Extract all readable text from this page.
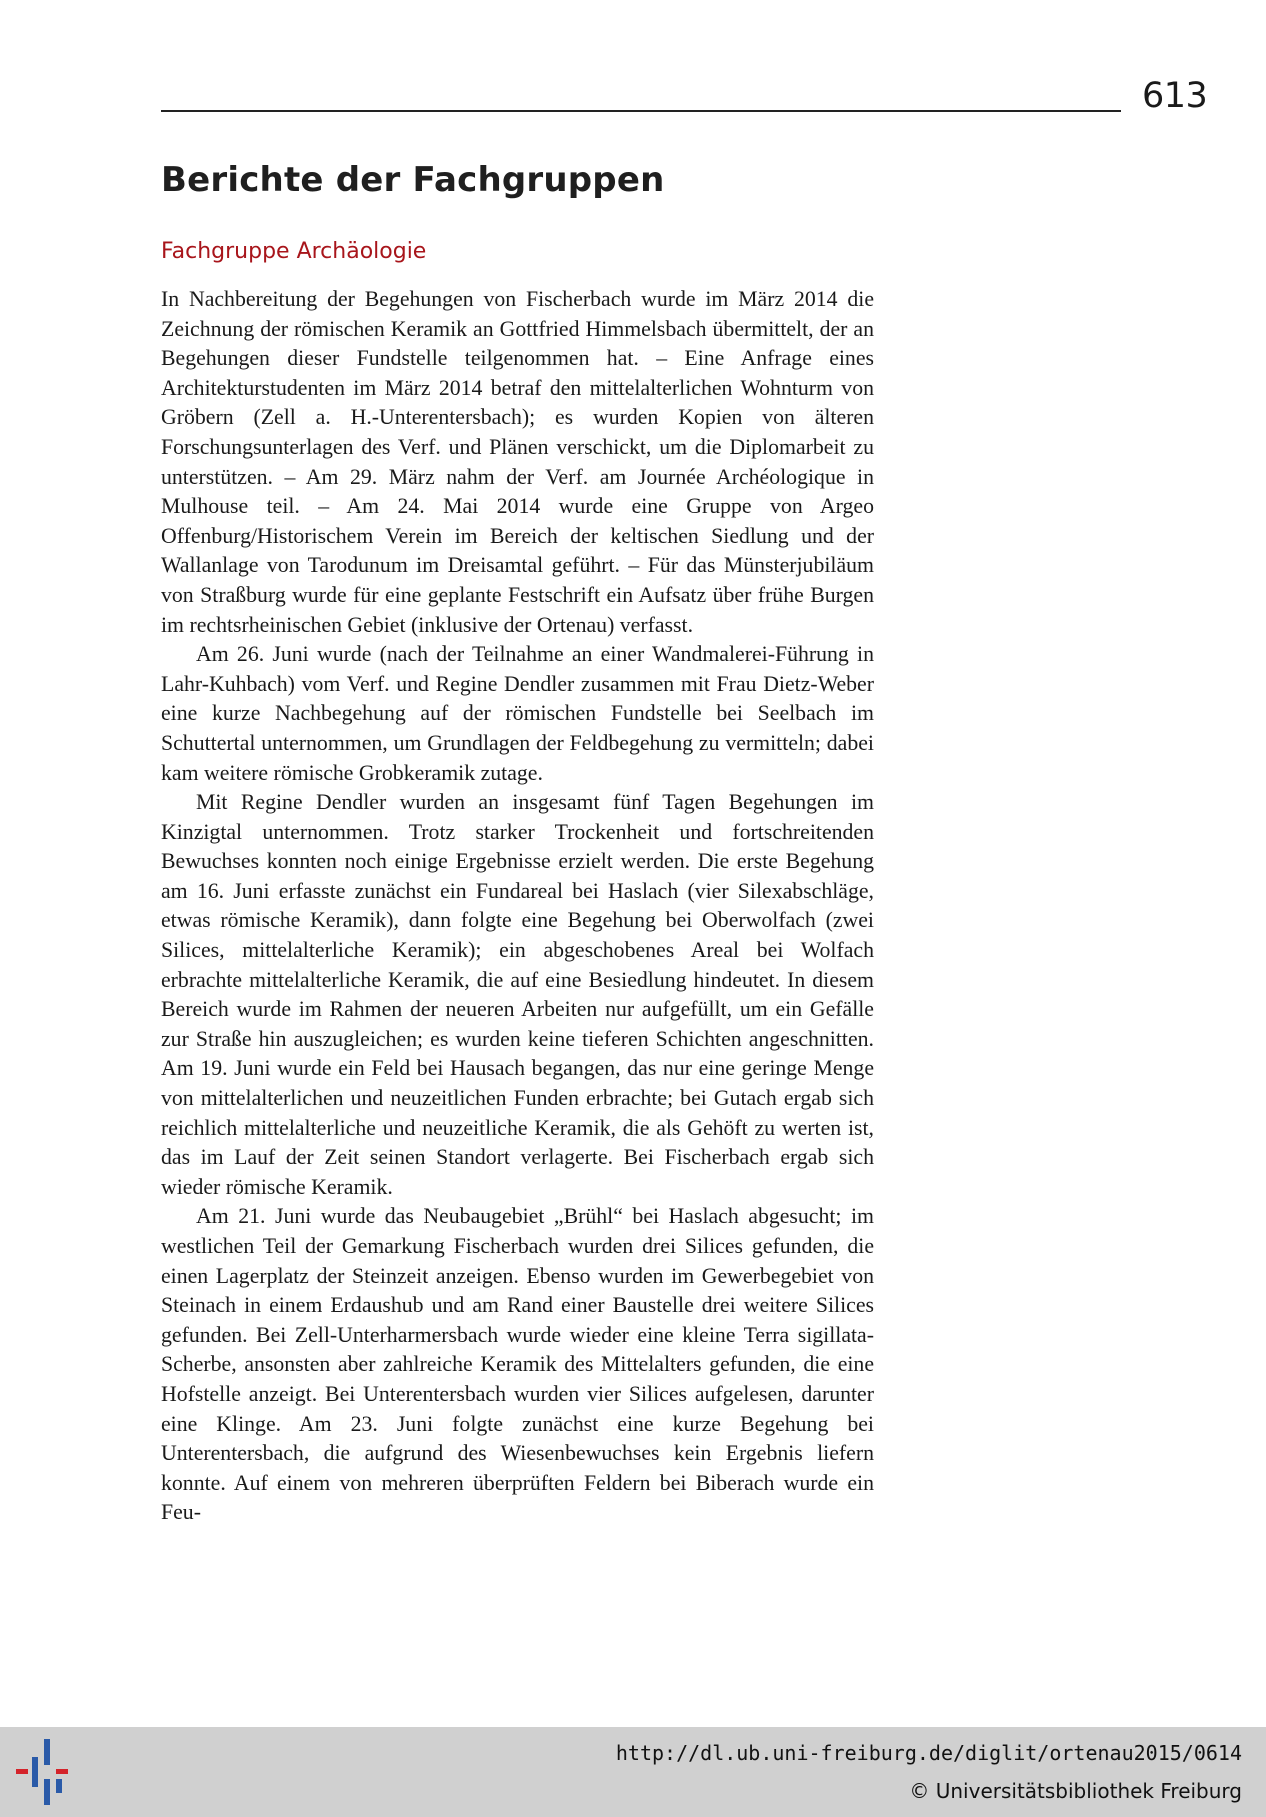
613
Berichte der Fachgruppen
Fachgruppe Archäologie

In Nachbereitung der Begehungen von Fischerbach wurde im März 2014 die Zeichnung der römischen Keramik an Gottfried Himmelsbach übermittelt, der an Begehungen dieser Fundstelle teilgenommen hat. – Eine Anfrage eines Architekturstudenten im März 2014 betraf den mittelalterlichen Wohnturm von Gröbern (Zell a. H.-Unterentersbach); es wurden Kopien von älteren Forschungsunterlagen des Verf. und Plänen verschickt, um die Diplomarbeit zu unterstützen. – Am 29. März nahm der Verf. am Journée Archéologique in Mulhouse teil. – Am 24. Mai 2014 wurde eine Gruppe von Argeo Offenburg/Historischem Verein im Bereich der keltischen Siedlung und der Wallanlage von Tarodunum im Dreisamtal geführt. – Für das Münsterjubiläum von Straßburg wurde für eine geplante Festschrift ein Aufsatz über frühe Burgen im rechtsrheinischen Gebiet (inklusive der Ortenau) verfasst.

Am 26. Juni wurde (nach der Teilnahme an einer Wandmalerei-Führung in Lahr-Kuhbach) vom Verf. und Regine Dendler zusammen mit Frau Dietz-Weber eine kurze Nachbegehung auf der römischen Fundstelle bei Seelbach im Schuttertal unternommen, um Grundlagen der Feldbegehung zu vermitteln; dabei kam weitere römische Grobkeramik zutage.

Mit Regine Dendler wurden an insgesamt fünf Tagen Begehungen im Kinzigtal unternommen. Trotz starker Trockenheit und fortschreitenden Bewuchses konnten noch einige Ergebnisse erzielt werden. Die erste Begehung am 16. Juni erfasste zunächst ein Fundareal bei Haslach (vier Silexabschläge, etwas römische Keramik), dann folgte eine Begehung bei Oberwolfach (zwei Silices, mittelalterliche Keramik); ein abgeschobenes Areal bei Wolfach erbrachte mittelalterliche Keramik, die auf eine Besiedlung hindeutet. In diesem Bereich wurde im Rahmen der neueren Arbeiten nur aufgefüllt, um ein Gefälle zur Straße hin auszugleichen; es wurden keine tieferen Schichten angeschnitten. Am 19. Juni wurde ein Feld bei Hausach begangen, das nur eine geringe Menge von mittelalterlichen und neuzeitlichen Funden erbrachte; bei Gutach ergab sich reichlich mittelalterliche und neuzeitliche Keramik, die als Gehöft zu werten ist, das im Lauf der Zeit seinen Standort verlagerte. Bei Fischerbach ergab sich wieder römische Keramik.

Am 21. Juni wurde das Neubaugebiet „Brühl“ bei Haslach abgesucht; im westlichen Teil der Gemarkung Fischerbach wurden drei Silices gefunden, die einen Lagerplatz der Steinzeit anzeigen. Ebenso wurden im Gewerbegebiet von Steinach in einem Erdaushub und am Rand einer Baustelle drei weitere Silices gefunden. Bei Zell-Unterharmersbach wurde wieder eine kleine Terra sigillata-Scherbe, ansonsten aber zahlreiche Keramik des Mittelalters gefunden, die eine Hofstelle anzeigt. Bei Unterentersbach wurden vier Silices aufgelesen, darunter eine Klinge. Am 23. Juni folgte zunächst eine kurze Begehung bei Unterentersbach, die aufgrund des Wiesenbewuchses kein Ergebnis liefern konnte. Auf einem von mehreren überprüften Feldern bei Biberach wurde ein Feu-

http://dl.ub.uni-freiburg.de/diglit/ortenau2015/0614
© Universitätsbibliothek Freiburg
